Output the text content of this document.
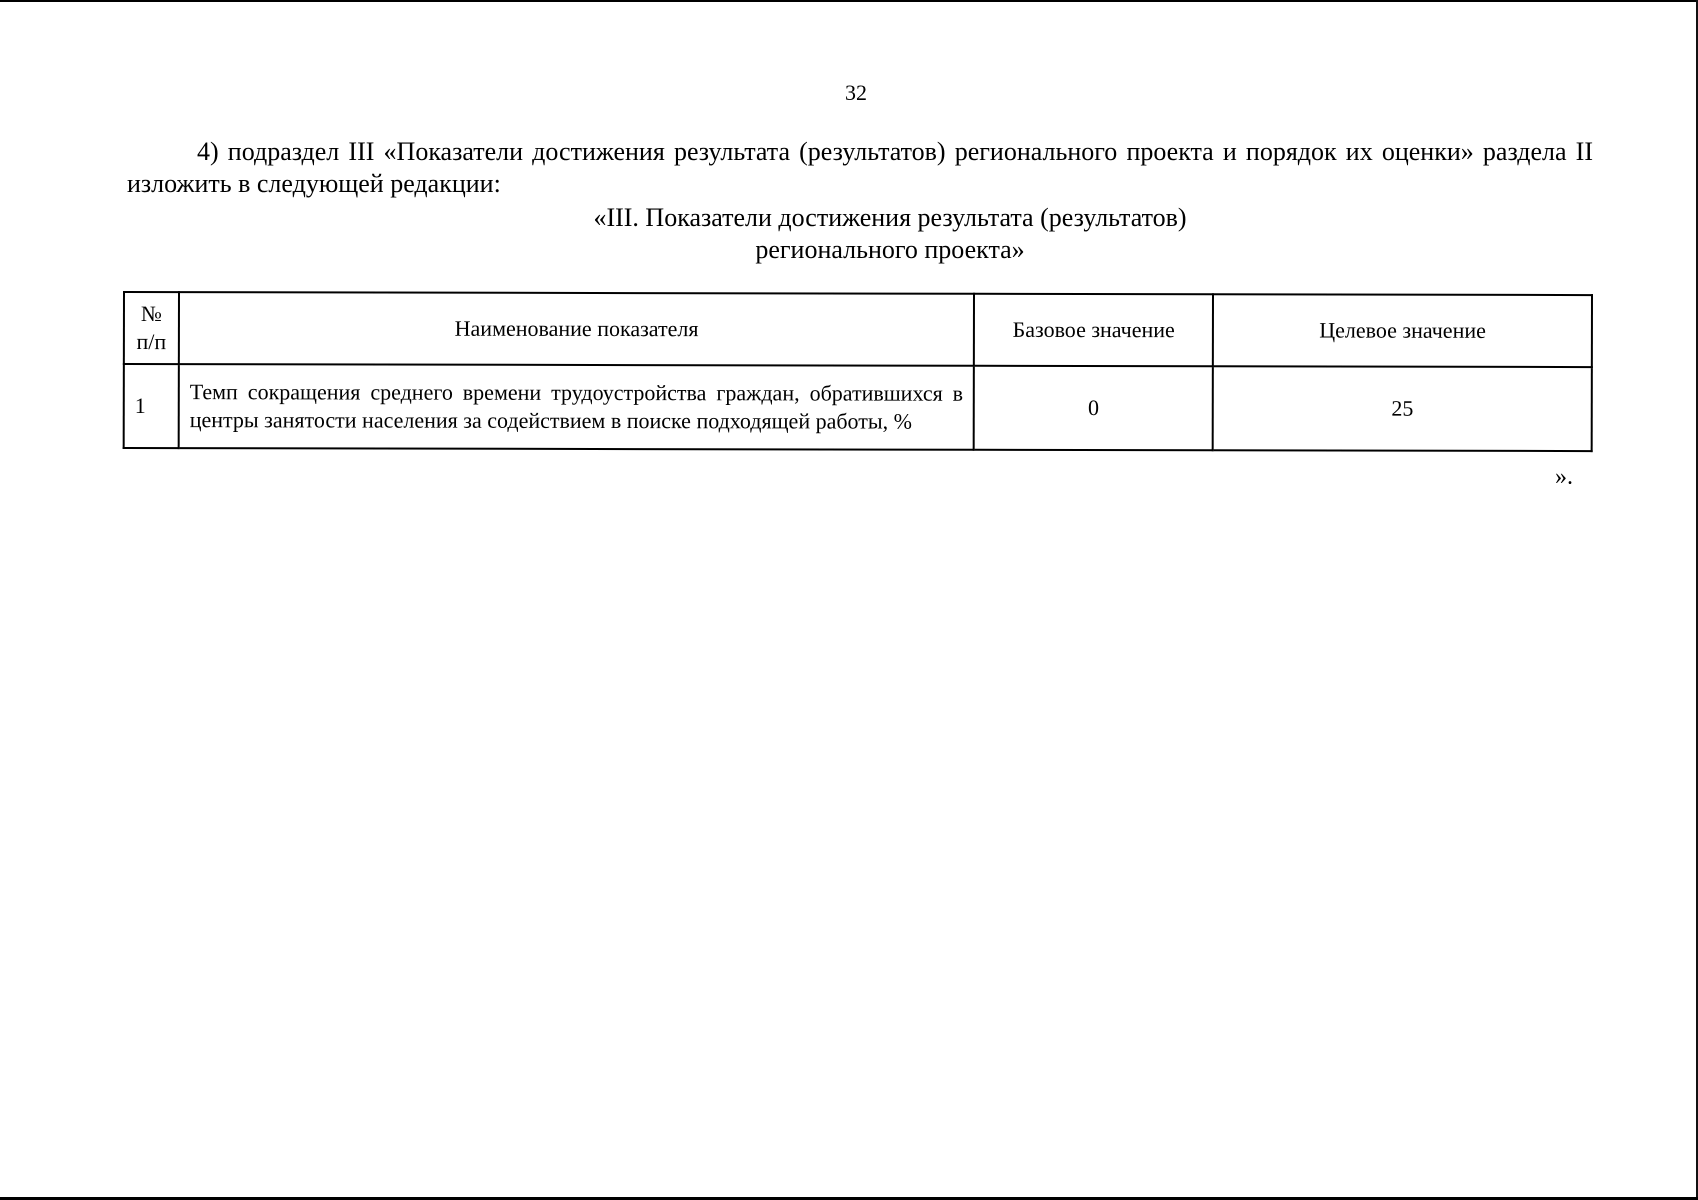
32
4) подраздел III «Показатели достижения результата (результатов) регионального проекта и порядок их оценки» раздела II изложить в следующей редакции:
«III. Показатели достижения результата (результатов)
регионального проекта»
№
п/п	Наименование показателя	Базовое значение	Целевое значение
1	Темп сокращения среднего времени трудоустройства граждан, обратившихся в центры занятости населения за содействием в поиске подходящей работы, %	0	25
».
